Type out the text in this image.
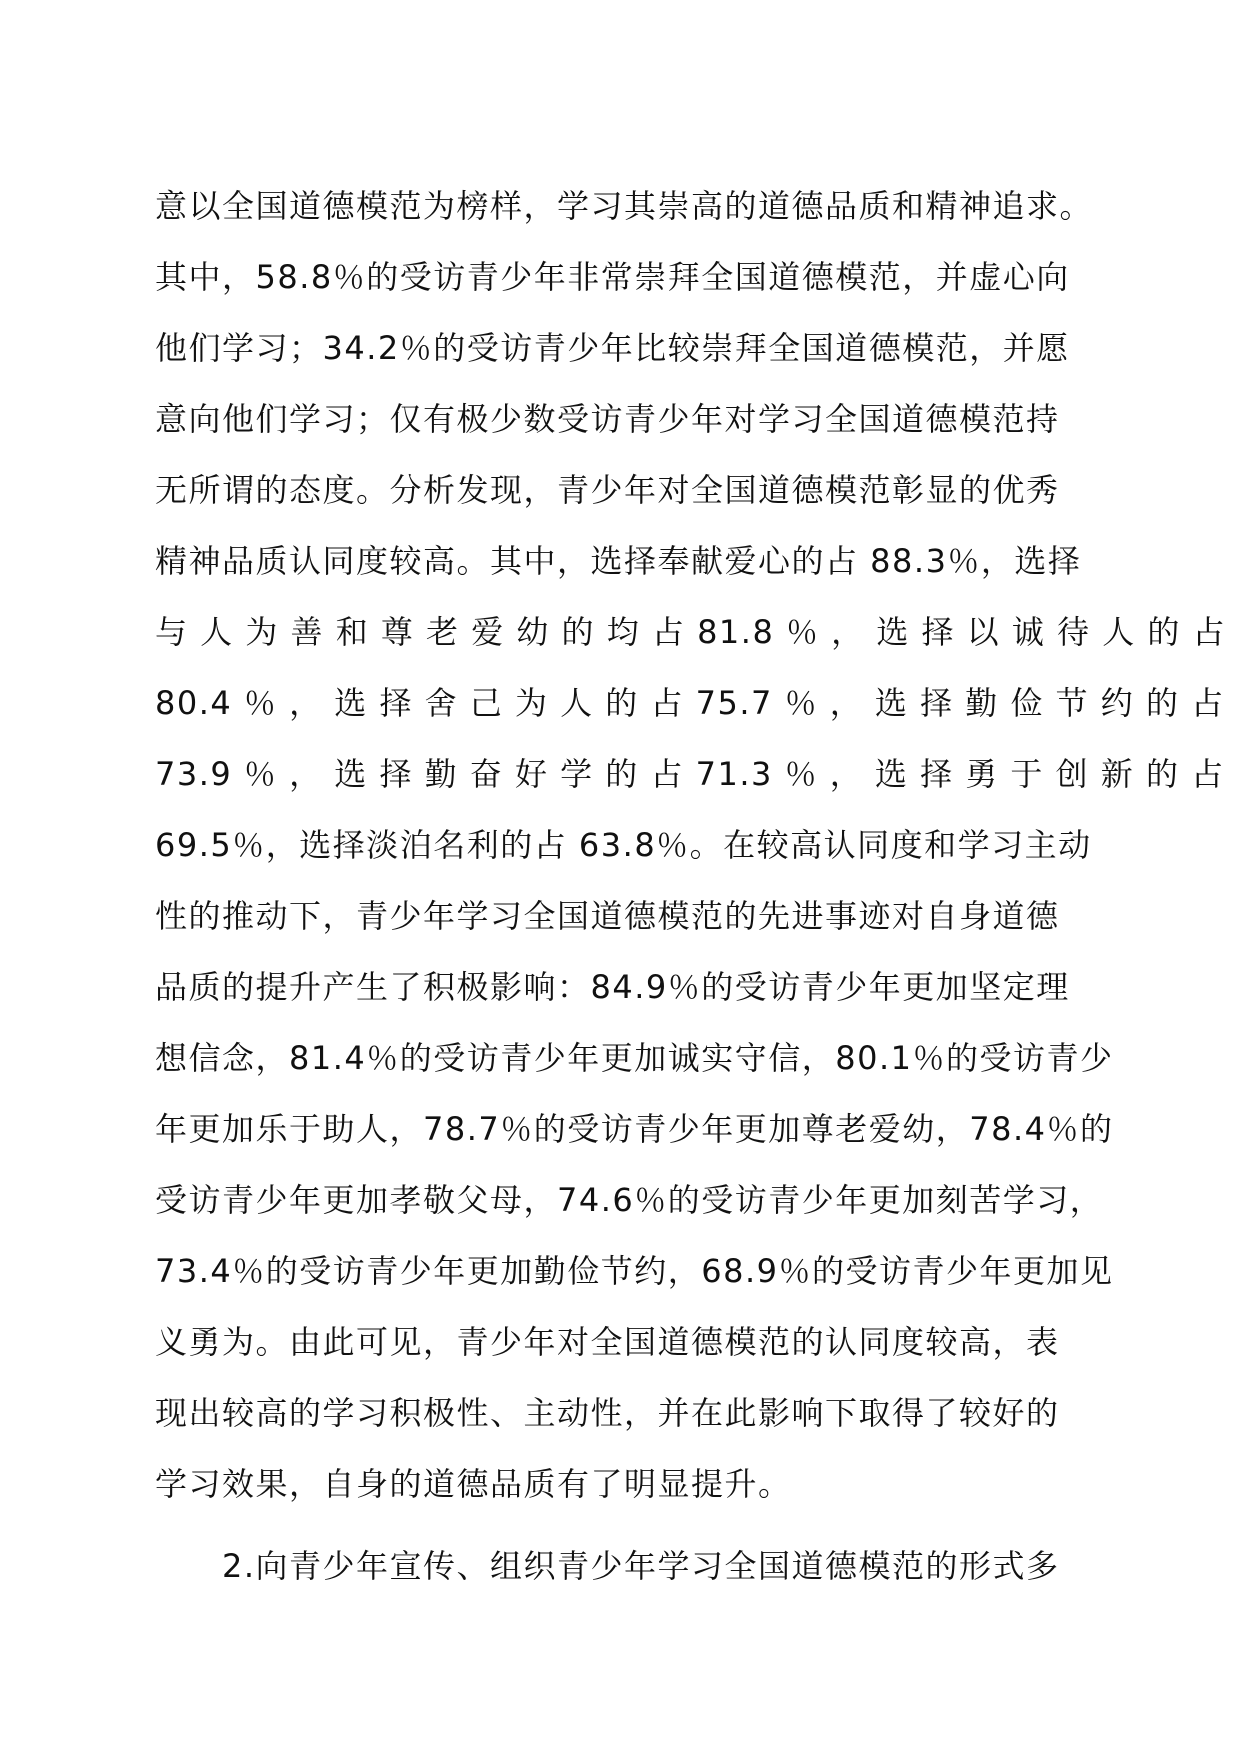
意以全国道德模范为榜样，学习其崇高的道德品质和精神追求。
其中，58.8％的受访青少年非常崇拜全国道德模范，并虚心向
他们学习；34.2％的受访青少年比较崇拜全国道德模范，并愿
意向他们学习；仅有极少数受访青少年对学习全国道德模范持
无所谓的态度。分析发现，青少年对全国道德模范彰显的优秀
精神品质认同度较高。其中，选择奉献爱心的占 88.3％，选择
与 人 为 善 和 尊 老 爱 幼 的 均 占 81.8 ％ ， 选 择 以 诚 待 人 的 占
80.4 ％ ， 选 择 舍 己 为 人 的 占 75.7 ％ ， 选 择 勤 俭 节 约 的 占
73.9 ％ ， 选 择 勤 奋 好 学 的 占 71.3 ％ ， 选 择 勇 于 创 新 的 占
69.5％，选择淡泊名利的占 63.8％。在较高认同度和学习主动
性的推动下，青少年学习全国道德模范的先进事迹对自身道德
品质的提升产生了积极影响：84.9％的受访青少年更加坚定理
想信念，81.4％的受访青少年更加诚实守信，80.1％的受访青少
年更加乐于助人，78.7％的受访青少年更加尊老爱幼，78.4％的
受访青少年更加孝敬父母，74.6％的受访青少年更加刻苦学习，
73.4％的受访青少年更加勤俭节约，68.9％的受访青少年更加见
义勇为。由此可见，青少年对全国道德模范的认同度较高，表
现出较高的学习积极性、主动性，并在此影响下取得了较好的
学习效果，自身的道德品质有了明显提升。
2.向青少年宣传、组织青少年学习全国道德模范的形式多
